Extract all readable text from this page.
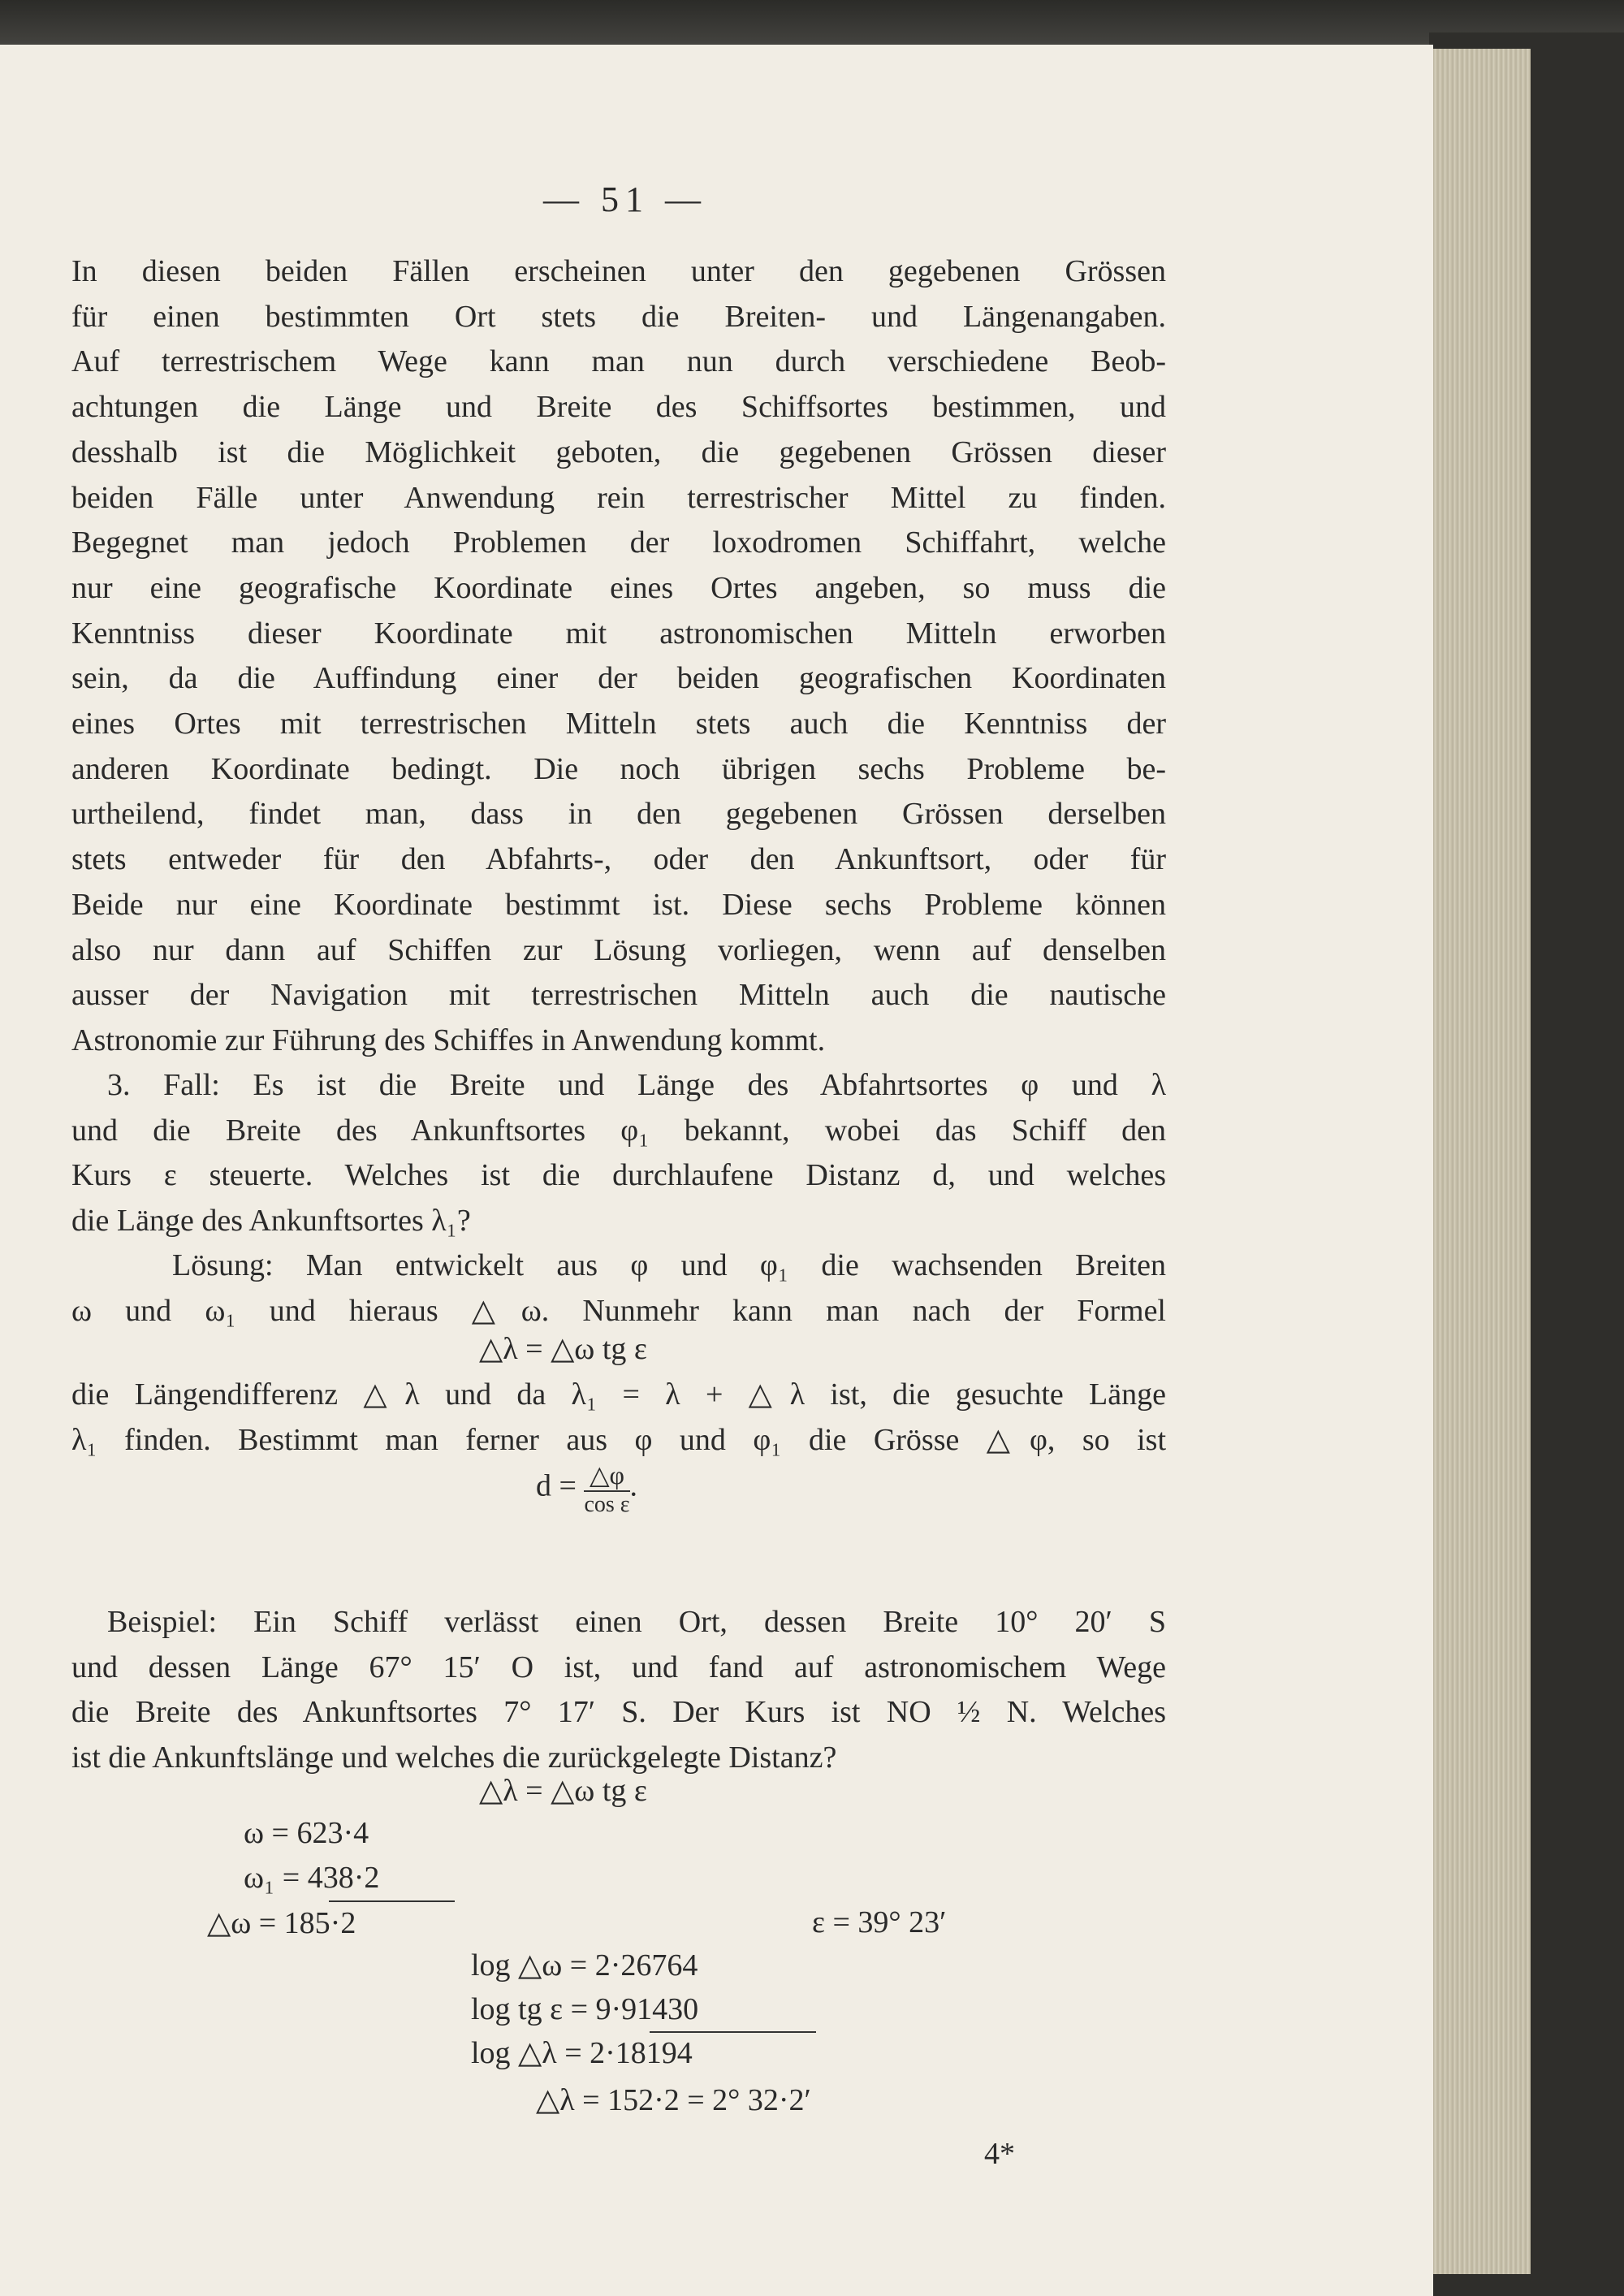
— 51 —
In diesen beiden Fällen erscheinen unter den gegebenen Grössen
für einen bestimmten Ort stets die Breiten- und Längenangaben.
Auf terrestrischem Wege kann man nun durch verschiedene Beob-
achtungen die Länge und Breite des Schiffsortes bestimmen, und
desshalb ist die Möglichkeit geboten, die gegebenen Grössen dieser
beiden Fälle unter Anwendung rein terrestrischer Mittel zu finden.
Begegnet man jedoch Problemen der loxodromen Schiffahrt, welche
nur eine geografische Koordinate eines Ortes angeben, so muss die
Kenntniss dieser Koordinate mit astronomischen Mitteln erworben
sein, da die Auffindung einer der beiden geografischen Koordinaten
eines Ortes mit terrestrischen Mitteln stets auch die Kenntniss der
anderen Koordinate bedingt. Die noch übrigen sechs Probleme be-
urtheilend, findet man, dass in den gegebenen Grössen derselben
stets entweder für den Abfahrts-, oder den Ankunftsort, oder für
Beide nur eine Koordinate bestimmt ist. Diese sechs Probleme können
also nur dann auf Schiffen zur Lösung vorliegen, wenn auf denselben
ausser der Navigation mit terrestrischen Mitteln auch die nautische
Astronomie zur Führung des Schiffes in Anwendung kommt.
3. Fall: Es ist die Breite und Länge des Abfahrtsortes φ und λ
und die Breite des Ankunftsortes φ₁ bekannt, wobei das Schiff den
Kurs ε steuerte. Welches ist die durchlaufene Distanz d, und welches
die Länge des Ankunftsortes λ₁?
Lösung: Man entwickelt aus φ und φ₁ die wachsenden Breiten
ω und ω₁ und hieraus △ω. Nunmehr kann man nach der Formel
△λ = △ω tg ε
die Längendifferenz △λ und da λ₁ = λ + △λ ist, die gesuchte Länge
λ₁ finden. Bestimmt man ferner aus φ und φ₁ die Grösse △φ, so ist
$d = \frac{\triangle\varphi}{\text{cos ε}}$ .
Beispiel: Ein Schiff verlässt einen Ort, dessen Breite 10° 20′ S
und dessen Länge 67° 15′ O ist, und fand auf astronomischem Wege
die Breite des Ankunftsortes 7° 17′ S. Der Kurs ist NO ½ N. Welches
ist die Ankunftslänge und welches die zurückgelegte Distanz?
△λ = △ω tg ε
ω = 623·4
ω₁ = 438·2
△ω = 185·2	ε = 39° 23′
log △ω = 2·26764
log tg ε = 9·91430
log △λ = 2·18194
△λ = 152·2 = 2° 32·2′
4*
